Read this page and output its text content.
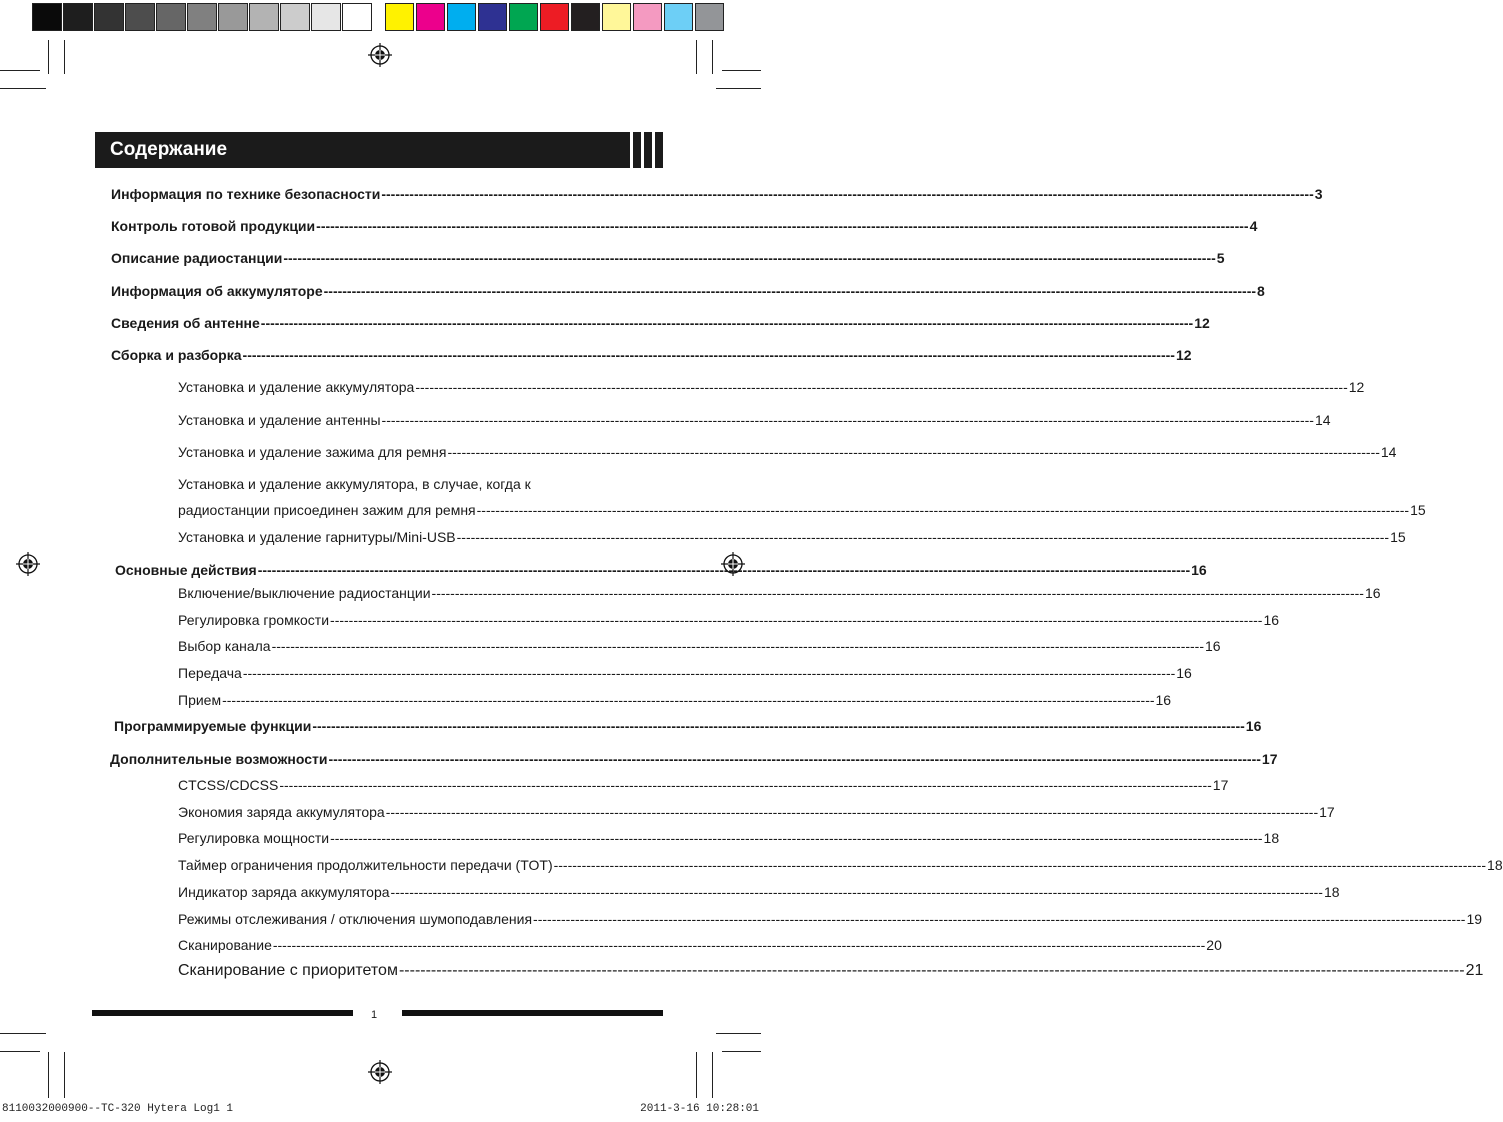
Содержание
Информация по технике безопасности -------------------------------------------------------------------------------------------------------------------------------------------------------------------------------------------------------- 3
Контроль готовой продукции -------------------------------------------------------------------------------------------------------------------------------------------------------------------------------------------------------- 4
Описание радиостанции -------------------------------------------------------------------------------------------------------------------------------------------------------------------------------------------------------- 5
Информация об аккумуляторе -------------------------------------------------------------------------------------------------------------------------------------------------------------------------------------------------------- 8
Сведения об антенне -------------------------------------------------------------------------------------------------------------------------------------------------------------------------------------------------------- 12
Сборка и разборка -------------------------------------------------------------------------------------------------------------------------------------------------------------------------------------------------------- 12
Установка и удаление аккумулятора -------------------------------------------------------------------------------------------------------------------------------------------------------------------------------------------------------- 12
Установка и удаление антенны -------------------------------------------------------------------------------------------------------------------------------------------------------------------------------------------------------- 14
Установка и удаление зажима для ремня -------------------------------------------------------------------------------------------------------------------------------------------------------------------------------------------------------- 14
Установка и удаление аккумулятора, в случае, когда к
радиостанции присоединен зажим для ремня -------------------------------------------------------------------------------------------------------------------------------------------------------------------------------------------------------- 15
Установка и удаление гарнитуры/Mini-USB -------------------------------------------------------------------------------------------------------------------------------------------------------------------------------------------------------- 15
Основные действия -------------------------------------------------------------------------------------------------------------------------------------------------------------------------------------------------------- 16
Включение/выключение радиостанции -------------------------------------------------------------------------------------------------------------------------------------------------------------------------------------------------------- 16
Регулировка громкости -------------------------------------------------------------------------------------------------------------------------------------------------------------------------------------------------------- 16
Выбор канала -------------------------------------------------------------------------------------------------------------------------------------------------------------------------------------------------------- 16
Передача -------------------------------------------------------------------------------------------------------------------------------------------------------------------------------------------------------- 16
Прием -------------------------------------------------------------------------------------------------------------------------------------------------------------------------------------------------------- 16
Программируемые функции -------------------------------------------------------------------------------------------------------------------------------------------------------------------------------------------------------- 16
Дополнительные возможности -------------------------------------------------------------------------------------------------------------------------------------------------------------------------------------------------------- 17
CTCSS/CDCSS -------------------------------------------------------------------------------------------------------------------------------------------------------------------------------------------------------- 17
Экономия заряда аккумулятора -------------------------------------------------------------------------------------------------------------------------------------------------------------------------------------------------------- 17
Регулировка мощности -------------------------------------------------------------------------------------------------------------------------------------------------------------------------------------------------------- 18
Таймер ограничения продолжительности передачи (TOT) -------------------------------------------------------------------------------------------------------------------------------------------------------------------------------------------------------- 18
Индикатор заряда аккумулятора -------------------------------------------------------------------------------------------------------------------------------------------------------------------------------------------------------- 18
Режимы отслеживания / отключения шумоподавления -------------------------------------------------------------------------------------------------------------------------------------------------------------------------------------------------------- 19
Сканирование -------------------------------------------------------------------------------------------------------------------------------------------------------------------------------------------------------- 20
Сканирование с приоритетом -------------------------------------------------------------------------------------------------------------------------------------------------------------------------------------------------------- 21
1
8110032000900--TC-320 Hytera Log1 1	2011-3-16 10:28:01
